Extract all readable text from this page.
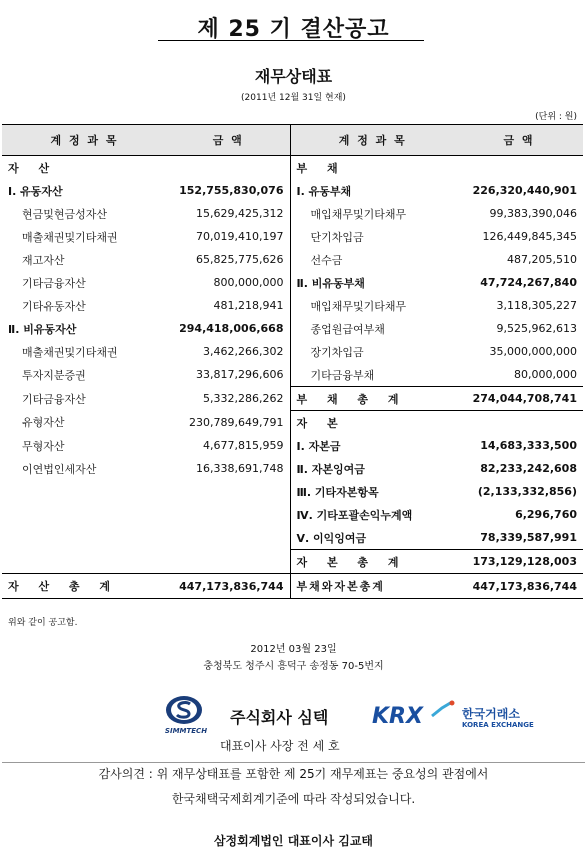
제 25 기 결산공고
재무상태표
(2011년 12월 31일 현재)
(단위 : 원)
계 정 과 목	금 액	계 정 과 목	금 액
자 산		부 채	
Ⅰ. 유동자산	152,755,830,076	Ⅰ. 유동부채	226,320,440,901
현금및현금성자산	15,629,425,312	매입채무및기타채무	99,383,390,046
매출채권및기타채권	70,019,410,197	단기차입금	126,449,845,345
재고자산	65,825,775,626	선수금	487,205,510
기타금융자산	800,000,000	Ⅱ. 비유동부채	47,724,267,840
기타유동자산	481,218,941	매입채무및기타채무	3,118,305,227
Ⅱ. 비유동자산	294,418,006,668	종업원급여부채	9,525,962,613
매출채권및기타채권	3,462,266,302	장기차입금	35,000,000,000
투자지분증권	33,817,296,606	기타금융부채	80,000,000
기타금융자산	5,332,286,262	부 채 총 계	274,044,708,741
유형자산	230,789,649,791	자 본	
무형자산	4,677,815,959	Ⅰ. 자본금	14,683,333,500
이연법인세자산	16,338,691,748	Ⅱ. 자본잉여금	82,233,242,608
		Ⅲ. 기타자본항목	(2,133,332,856)
		Ⅳ. 기타포괄손익누계액	6,296,760
		Ⅴ. 이익잉여금	78,339,587,991
		자 본 총 계	173,129,128,003
자 산 총 계	447,173,836,744	부채와자본총계	447,173,836,744
위와 같이 공고함.
2012년 03월 23일
충청북도 청주시 흥덕구 송정동 70-5번지
SIMMTECH
주식회사 심텍 KRX	한국거래소
KOREA EXCHANGE
대표이사 사장 전 세 호
감사의견 : 위 재무상태표를 포함한 제 25기 재무제표는 중요성의 관점에서
한국채택국제회계기준에 따라 작성되었습니다.
삼정회계법인 대표이사 김교태
